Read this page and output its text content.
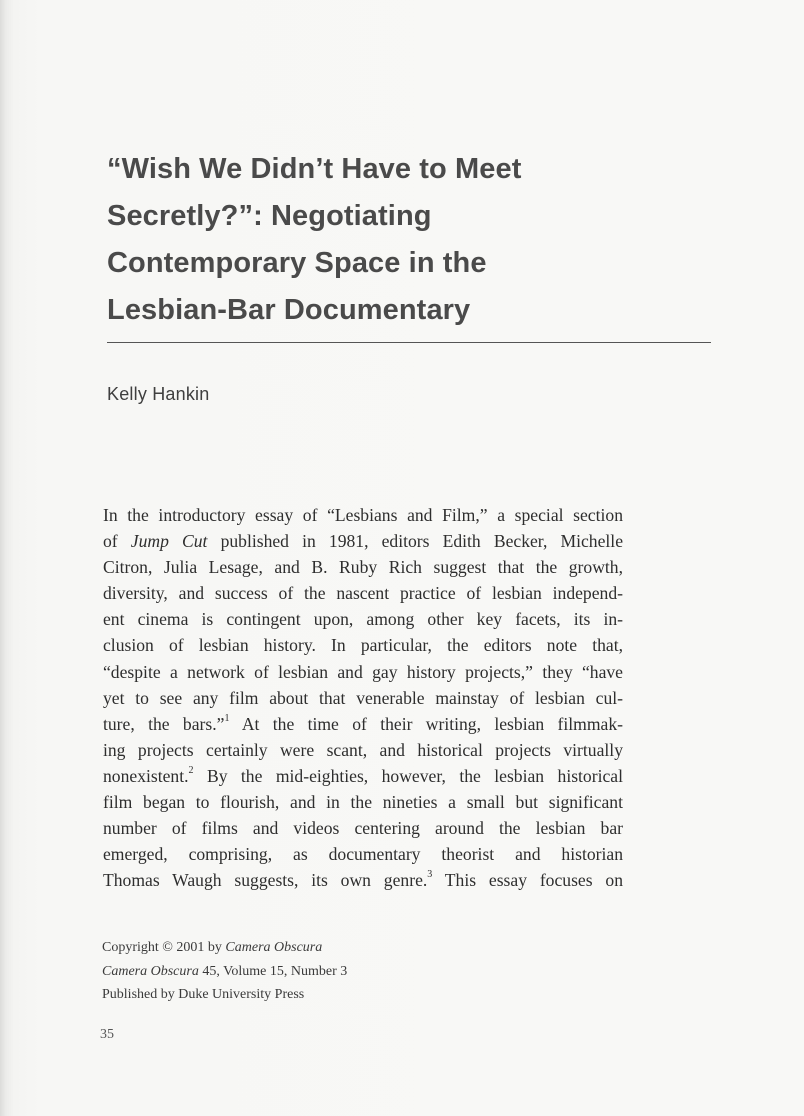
“Wish We Didn’t Have to Meet
Secretly?”: Negotiating
Contemporary Space in the
Lesbian-Bar Documentary
Kelly Hankin
In the introductory essay of “Lesbians and Film,” a special section
of Jump Cut published in 1981, editors Edith Becker, Michelle
Citron, Julia Lesage, and B. Ruby Rich suggest that the growth,
diversity, and success of the nascent practice of lesbian independ-
ent cinema is contingent upon, among other key facets, its in-
clusion of lesbian history. In particular, the editors note that,
“despite a network of lesbian and gay history projects,” they “have
yet to see any film about that venerable mainstay of lesbian cul-
ture, the bars.”$^1$ At the time of their writing, lesbian filmmak-
ing projects certainly were scant, and historical projects virtually
nonexistent.$^2$ By the mid-eighties, however, the lesbian historical
film began to flourish, and in the nineties a small but significant
number of films and videos centering around the lesbian bar
emerged, comprising, as documentary theorist and historian
Thomas Waugh suggests, its own genre.$^3$ This essay focuses on
Copyright © 2001 by Camera Obscura
Camera Obscura 45, Volume 15, Number 3
Published by Duke University Press
35
